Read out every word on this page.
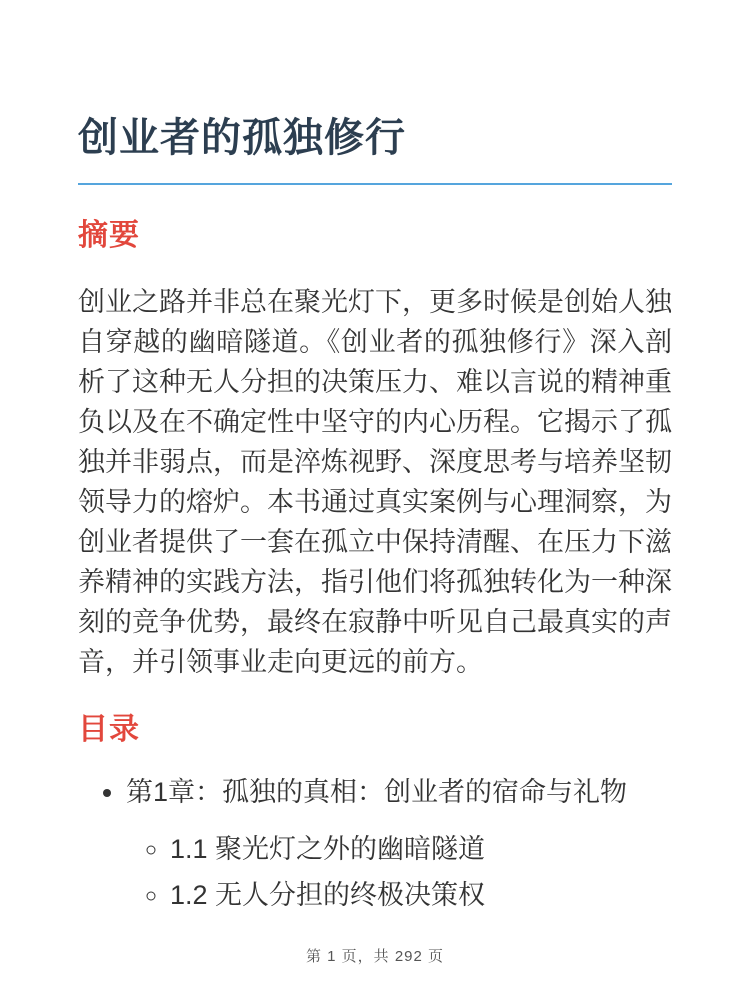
创业者的孤独修行
摘要

创业之路并非总在聚光灯下，更多时候是创始人独自穿越的幽暗隧道。《创业者的孤独修行》深入剖析了这种无人分担的决策压力、难以言说的精神重负以及在不确定性中坚守的内心历程。它揭示了孤独并非弱点，而是淬炼视野、深度思考与培养坚韧领导力的熔炉。本书通过真实案例与心理洞察，为创业者提供了一套在孤立中保持清醒、在压力下滋养精神的实践方法，指引他们将孤独转化为一种深刻的竞争优势，最终在寂静中听见自己最真实的声音，并引领事业走向更远的前方。

目录
• 第1章：孤独的真相：创业者的宿命与礼物
◦ 1.1 聚光灯之外的幽暗隧道
◦ 1.2 无人分担的终极决策权
第 1 页，共 292 页
